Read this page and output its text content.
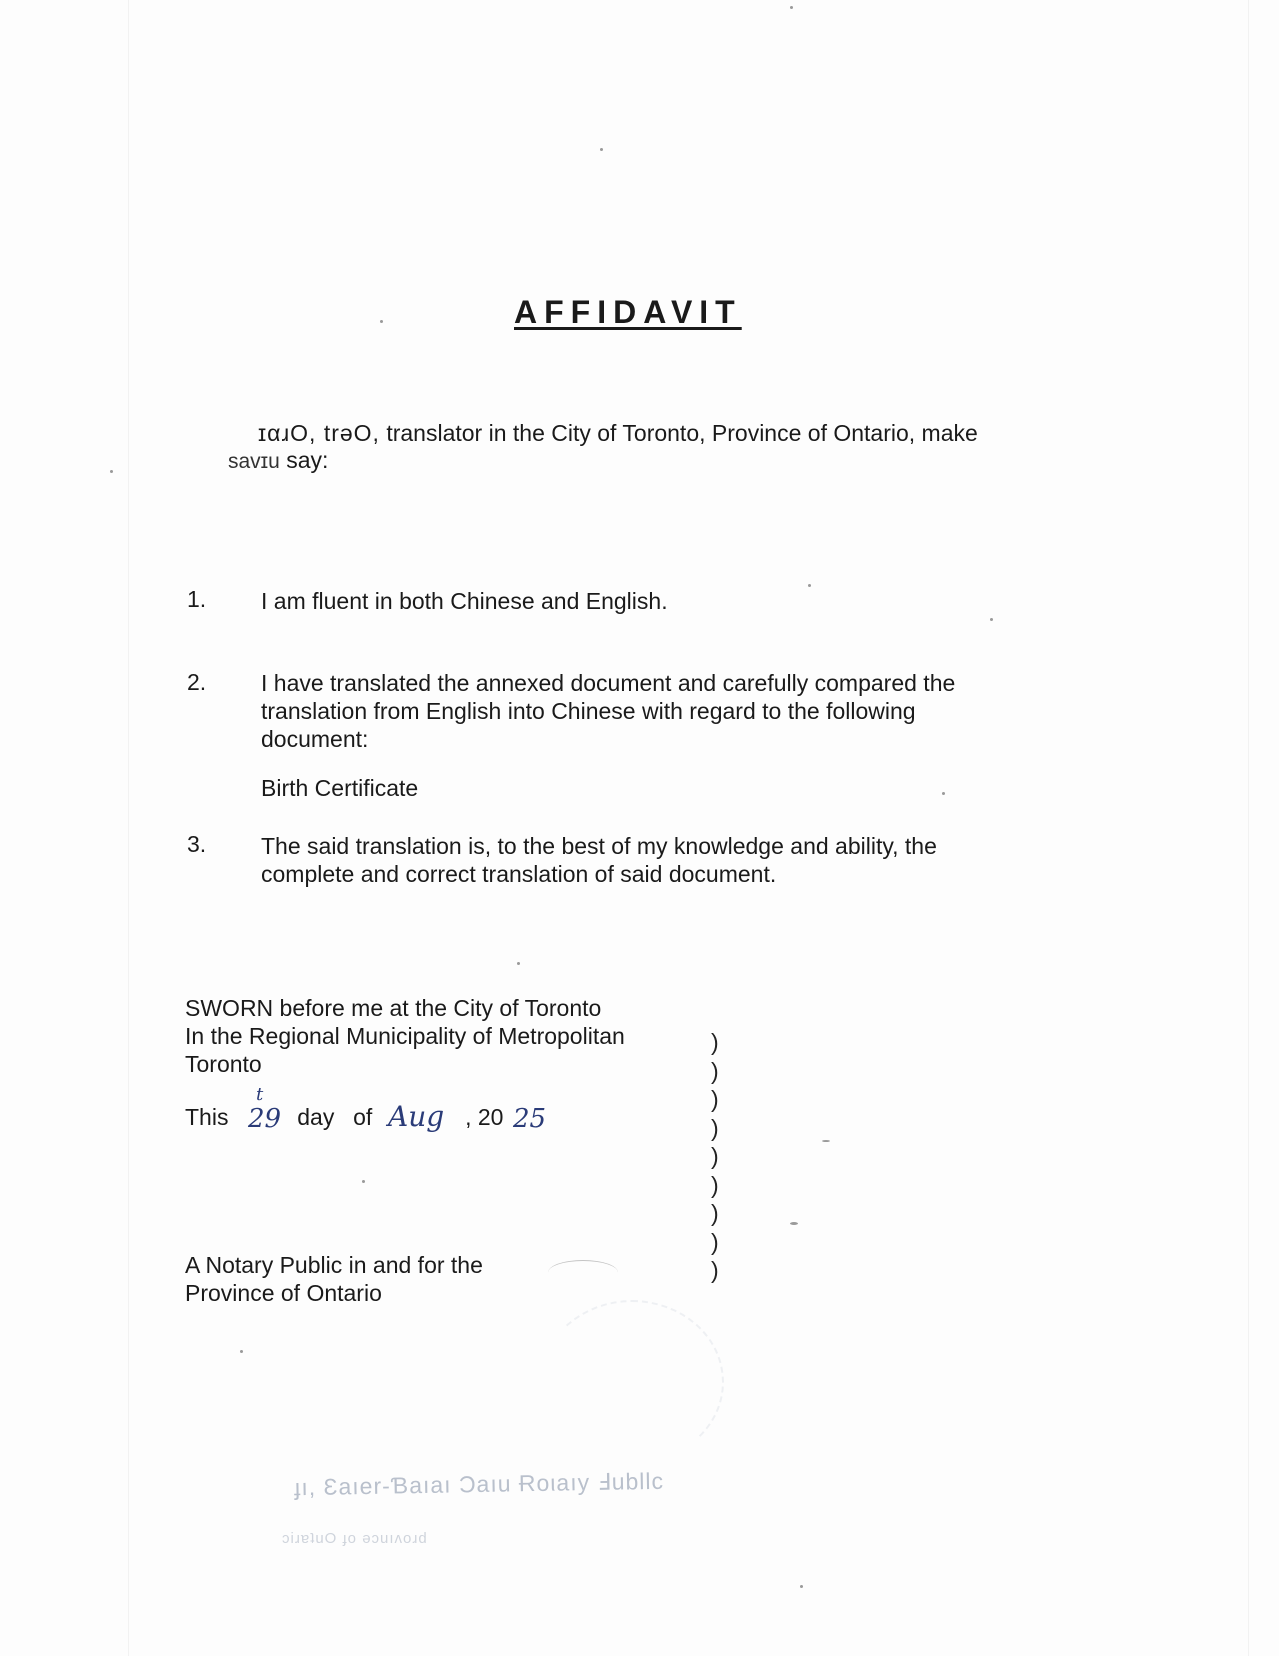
AFFIDAVIT
ɪαɹO, trəO, translator in the City of Toronto, Province of Ontario, make
savɪu say:
1. I am fluent in both Chinese and English.

2. I have translated the annexed document and carefully compared the

translation from English into Chinese with regard to the following

document:

Birth Certificate
3. The said translation is, to the best of my knowledge and ability, the

complete and correct translation of said document.

SWORN before me at the City of Toronto

In the Regional Municipality of Metropolitan

Toronto

This	day of	, 20
29
t
Aug	25

A Notary Public in and for the

Province of Ontario

)
)
)
)
)
)
)
)
)
ɟı, Ɛaıer-Ɓaıaı Ɔaıu Ɍoιaıy Ⅎubllc
ɔiɹɐʇuO ɟo ǝɔuıʌoɹd
